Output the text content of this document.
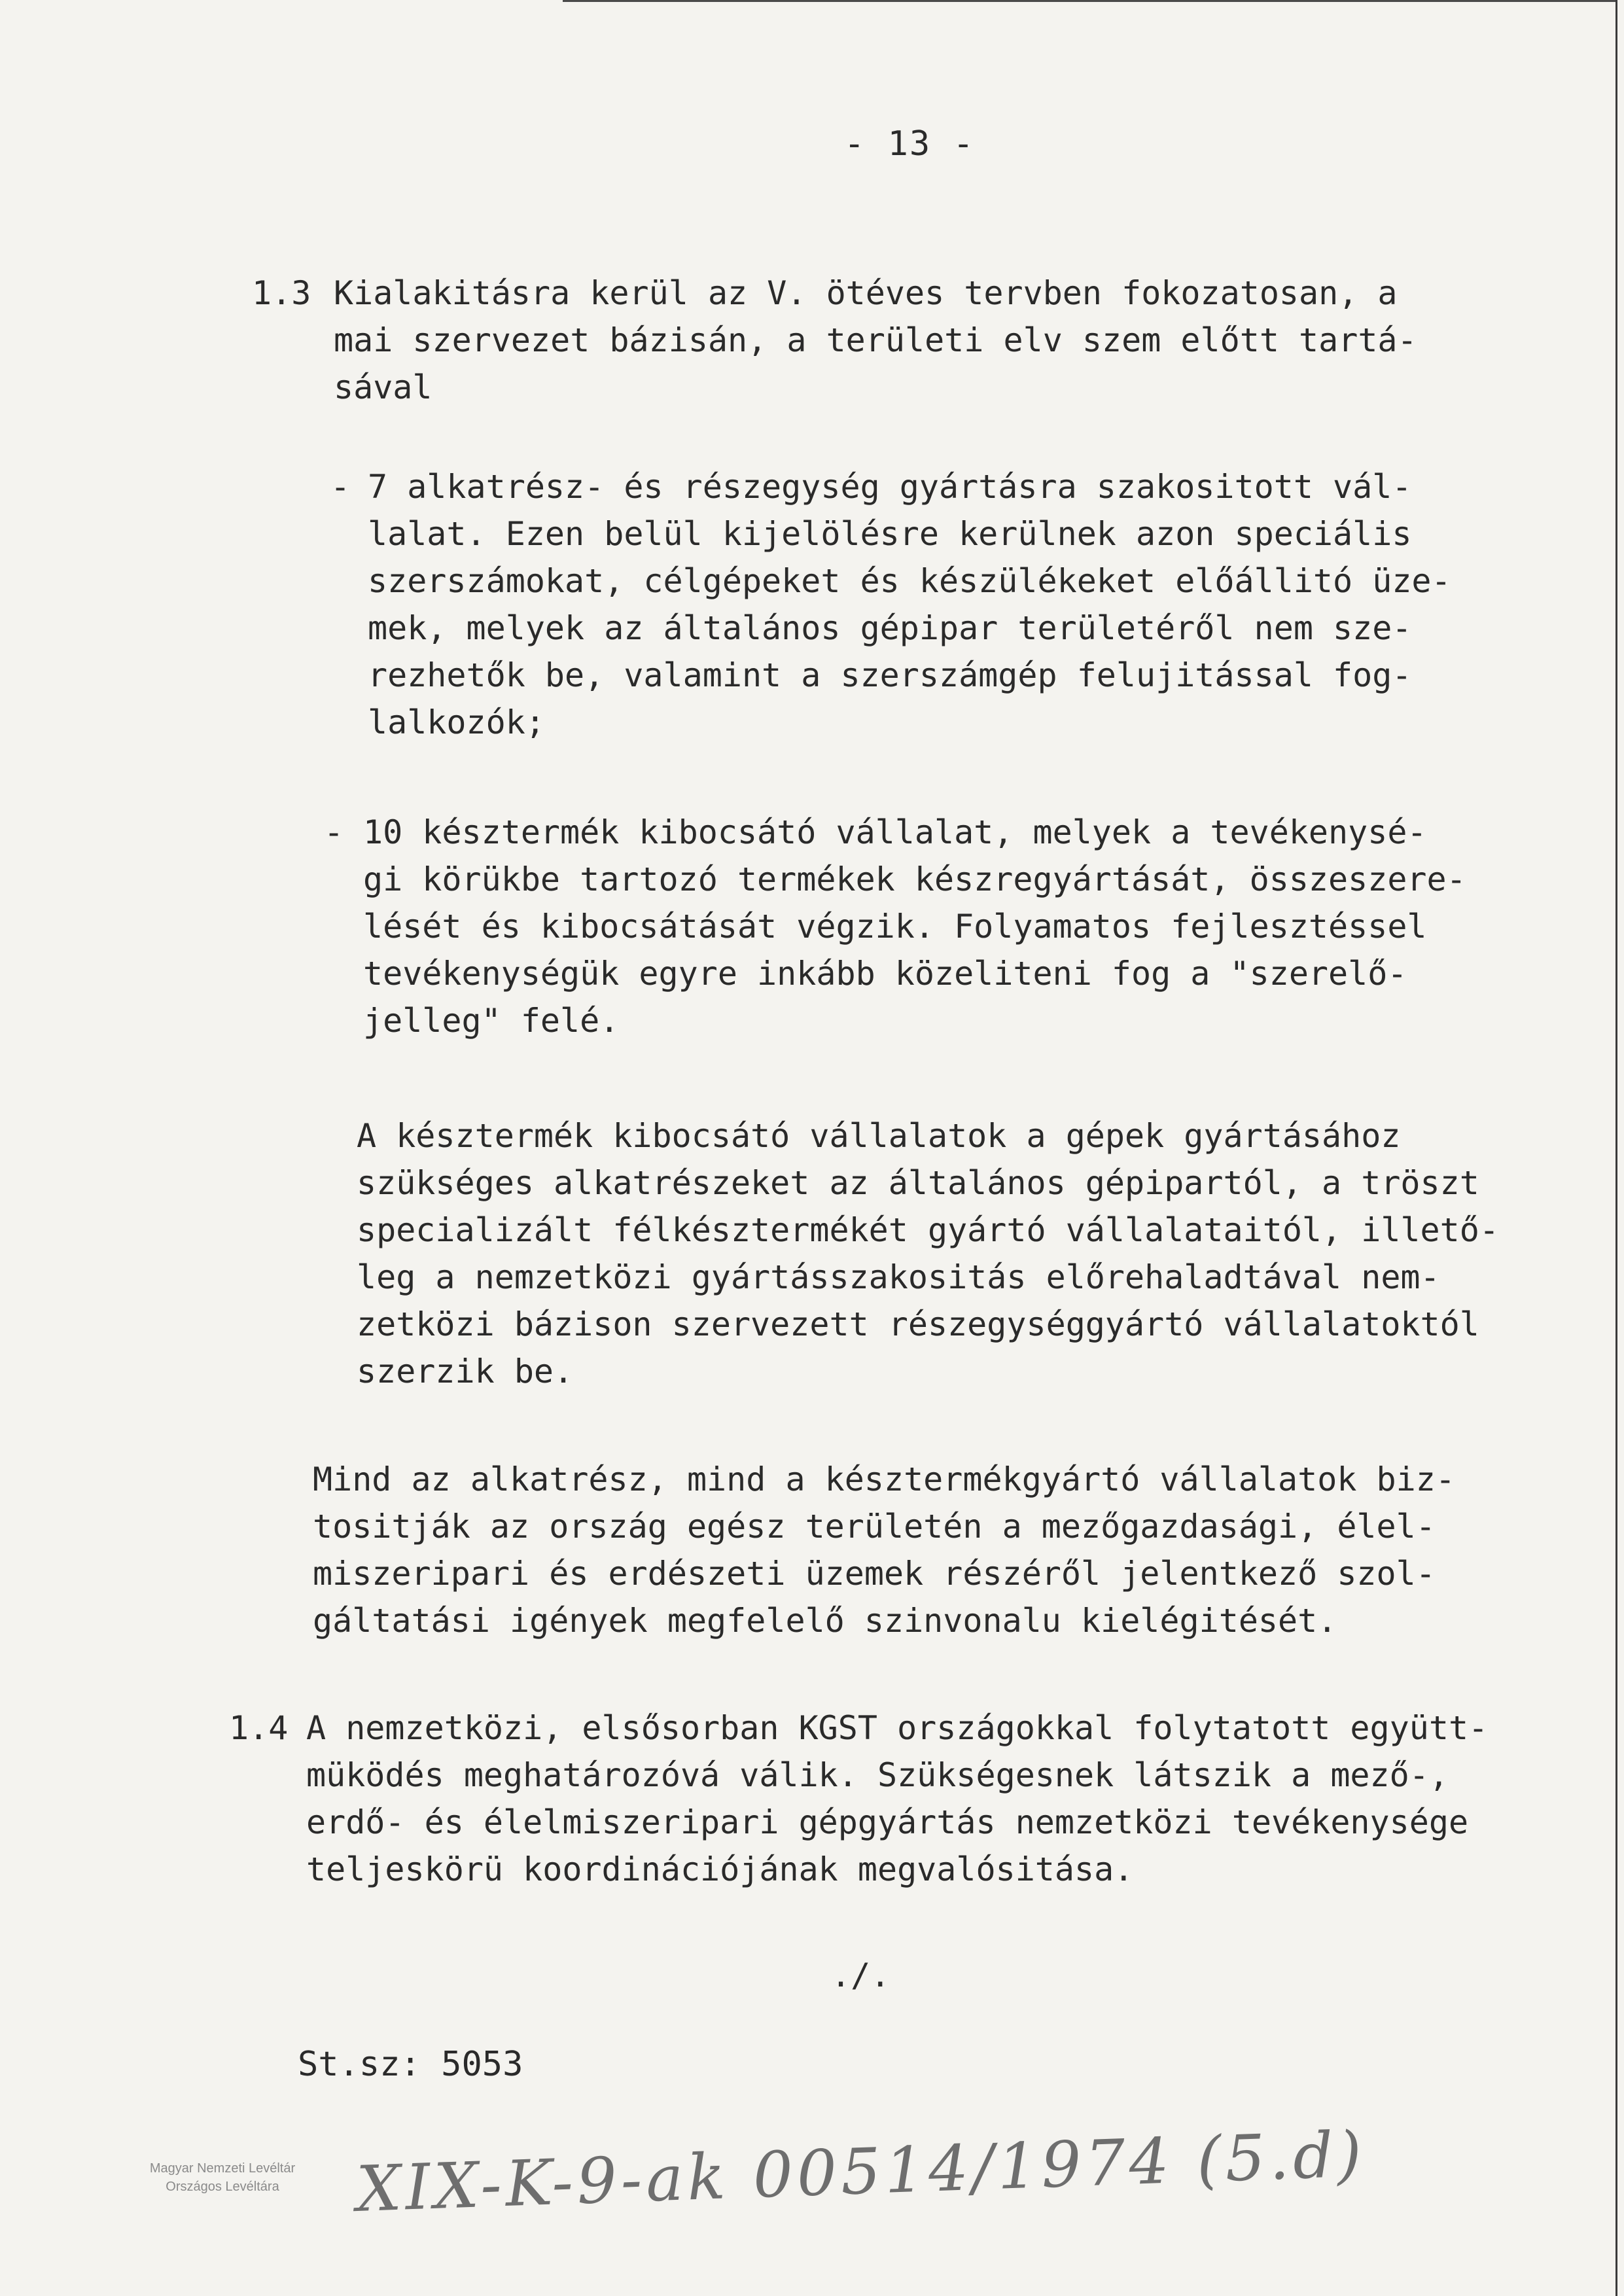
- 13 -

1.3 Kialakitásra kerül az V. ötéves tervben fokozatosan, a
mai szervezet bázisán, a területi elv szem előtt tartá-
sával

- 7 alkatrész- és részegység gyártásra szakositott vál-
lalat. Ezen belül kijelölésre kerülnek azon speciális
szerszámokat, célgépeket és készülékeket előállitó üze-
mek, melyek az általános gépipar területéről nem sze-
rezhetők be, valamint a szerszámgép felujitással fog-
lalkozók;

- 10 késztermék kibocsátó vállalat, melyek a tevékenysé-
gi körükbe tartozó termékek készregyártását, összeszere-
lését és kibocsátását végzik. Folyamatos fejlesztéssel
tevékenységük egyre inkább közeliteni fog a "szerelő-
jelleg" felé.

A késztermék kibocsátó vállalatok a gépek gyártásához
szükséges alkatrészeket az általános gépipartól, a tröszt
specializált félkésztermékét gyártó vállalataitól, illető-
leg a nemzetközi gyártásszakositás előrehaladtával nem-
zetközi bázison szervezett részegységgyártó vállalatoktól
szerzik be.

Mind az alkatrész, mind a késztermékgyártó vállalatok biz-
tositják az ország egész területén a mezőgazdasági, élel-
miszeripari és erdészeti üzemek részéről jelentkező szol-
gáltatási igények megfelelő szinvonalu kielégitését.

1.4 A nemzetközi, elsősorban KGST országokkal folytatott együtt-
müködés meghatározóvá válik. Szükségesnek látszik a mező-,
erdő- és élelmiszeripari gépgyártás nemzetközi tevékenysége
teljeskörü koordinációjának megvalósitása.

./.

St.sz: 5053

Magyar Nemzeti Levéltár
Országos Levéltára	XIX-K-9-ak 00514/1974 (5.d)
